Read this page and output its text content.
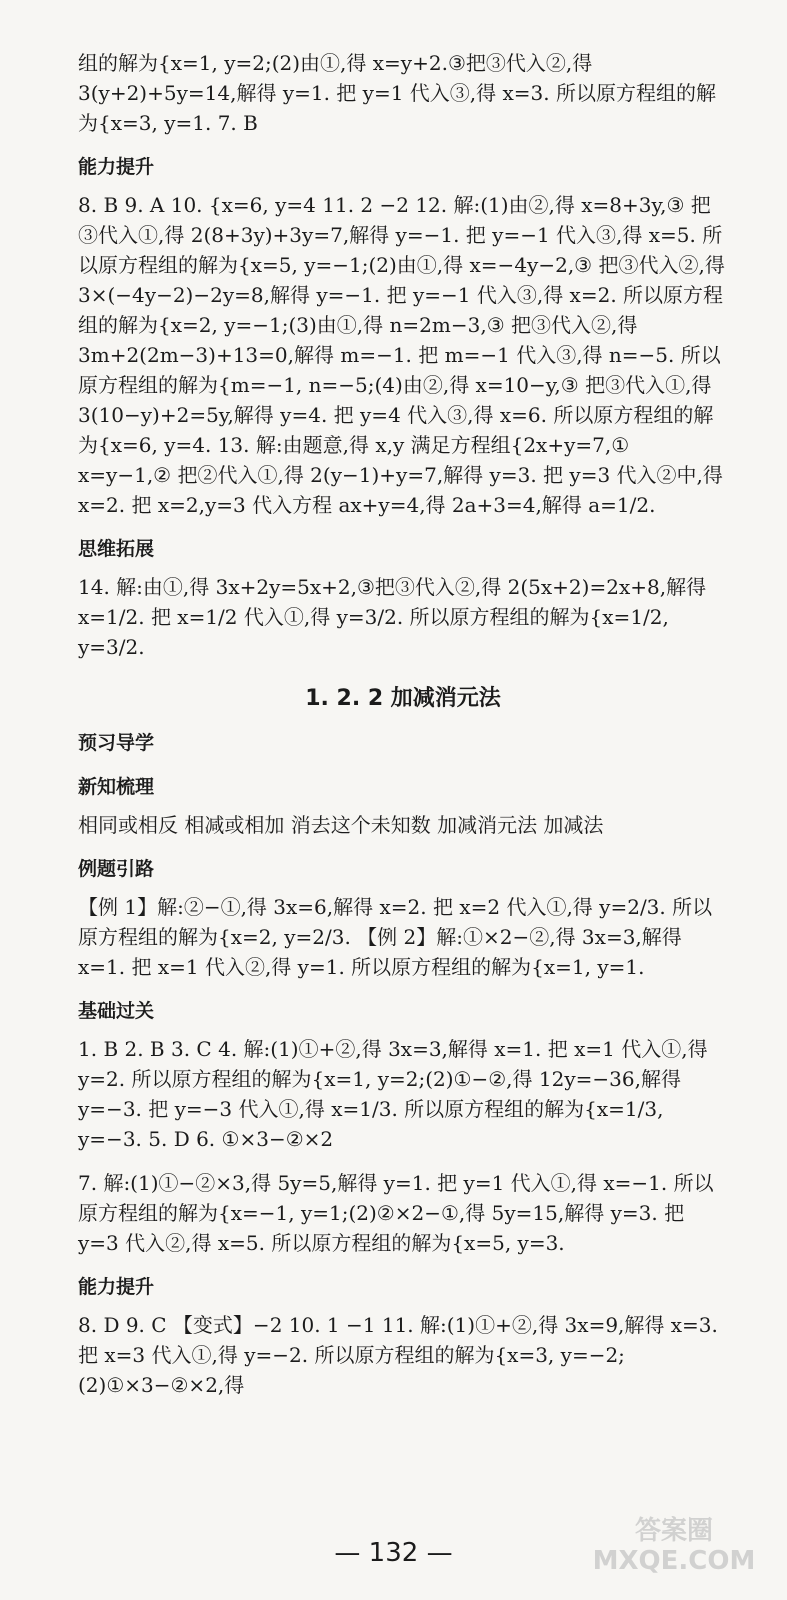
组的解为{x=1, y=2;(2)由①,得 x=y+2.③把③代入②,得 3(y+2)+5y=14,解得 y=1. 把 y=1 代入③,得 x=3. 所以原方程组的解为{x=3, y=1. 7. B
能力提升
8. B 9. A 10. {x=6, y=4 11. 2 −2 12. 解:(1)由②,得 x=8+3y,③ 把③代入①,得 2(8+3y)+3y=7,解得 y=−1. 把 y=−1 代入③,得 x=5. 所以原方程组的解为{x=5, y=−1;(2)由①,得 x=−4y−2,③ 把③代入②,得 3×(−4y−2)−2y=8,解得 y=−1. 把 y=−1 代入③,得 x=2. 所以原方程组的解为{x=2, y=−1;(3)由①,得 n=2m−3,③ 把③代入②,得 3m+2(2m−3)+13=0,解得 m=−1. 把 m=−1 代入③,得 n=−5. 所以原方程组的解为{m=−1, n=−5;(4)由②,得 x=10−y,③ 把③代入①,得 3(10−y)+2=5y,解得 y=4. 把 y=4 代入③,得 x=6. 所以原方程组的解为{x=6, y=4. 13. 解:由题意,得 x,y 满足方程组{2x+y=7,① x=y−1,② 把②代入①,得 2(y−1)+y=7,解得 y=3. 把 y=3 代入②中,得 x=2. 把 x=2,y=3 代入方程 ax+y=4,得 2a+3=4,解得 a=1/2.
思维拓展
14. 解:由①,得 3x+2y=5x+2,③把③代入②,得 2(5x+2)=2x+8,解得 x=1/2. 把 x=1/2 代入①,得 y=3/2. 所以原方程组的解为{x=1/2, y=3/2.
1. 2. 2 加减消元法
预习导学
新知梳理
相同或相反 相减或相加 消去这个未知数 加减消元法 加减法
例题引路
【例 1】解:②−①,得 3x=6,解得 x=2. 把 x=2 代入①,得 y=2/3. 所以原方程组的解为{x=2, y=2/3. 【例 2】解:①×2−②,得 3x=3,解得 x=1. 把 x=1 代入②,得 y=1. 所以原方程组的解为{x=1, y=1.
基础过关
1. B 2. B 3. C 4. 解:(1)①+②,得 3x=3,解得 x=1. 把 x=1 代入①,得 y=2. 所以原方程组的解为{x=1, y=2;(2)①−②,得 12y=−36,解得 y=−3. 把 y=−3 代入①,得 x=1/3. 所以原方程组的解为{x=1/3, y=−3. 5. D 6. ①×3−②×2
7. 解:(1)①−②×3,得 5y=5,解得 y=1. 把 y=1 代入①,得 x=−1. 所以原方程组的解为{x=−1, y=1;(2)②×2−①,得 5y=15,解得 y=3. 把 y=3 代入②,得 x=5. 所以原方程组的解为{x=5, y=3.
能力提升
8. D 9. C 【变式】−2 10. 1 −1 11. 解:(1)①+②,得 3x=9,解得 x=3. 把 x=3 代入①,得 y=−2. 所以原方程组的解为{x=3, y=−2;(2)①×3−②×2,得
— 132 —
答案圈 MXQE.COM
